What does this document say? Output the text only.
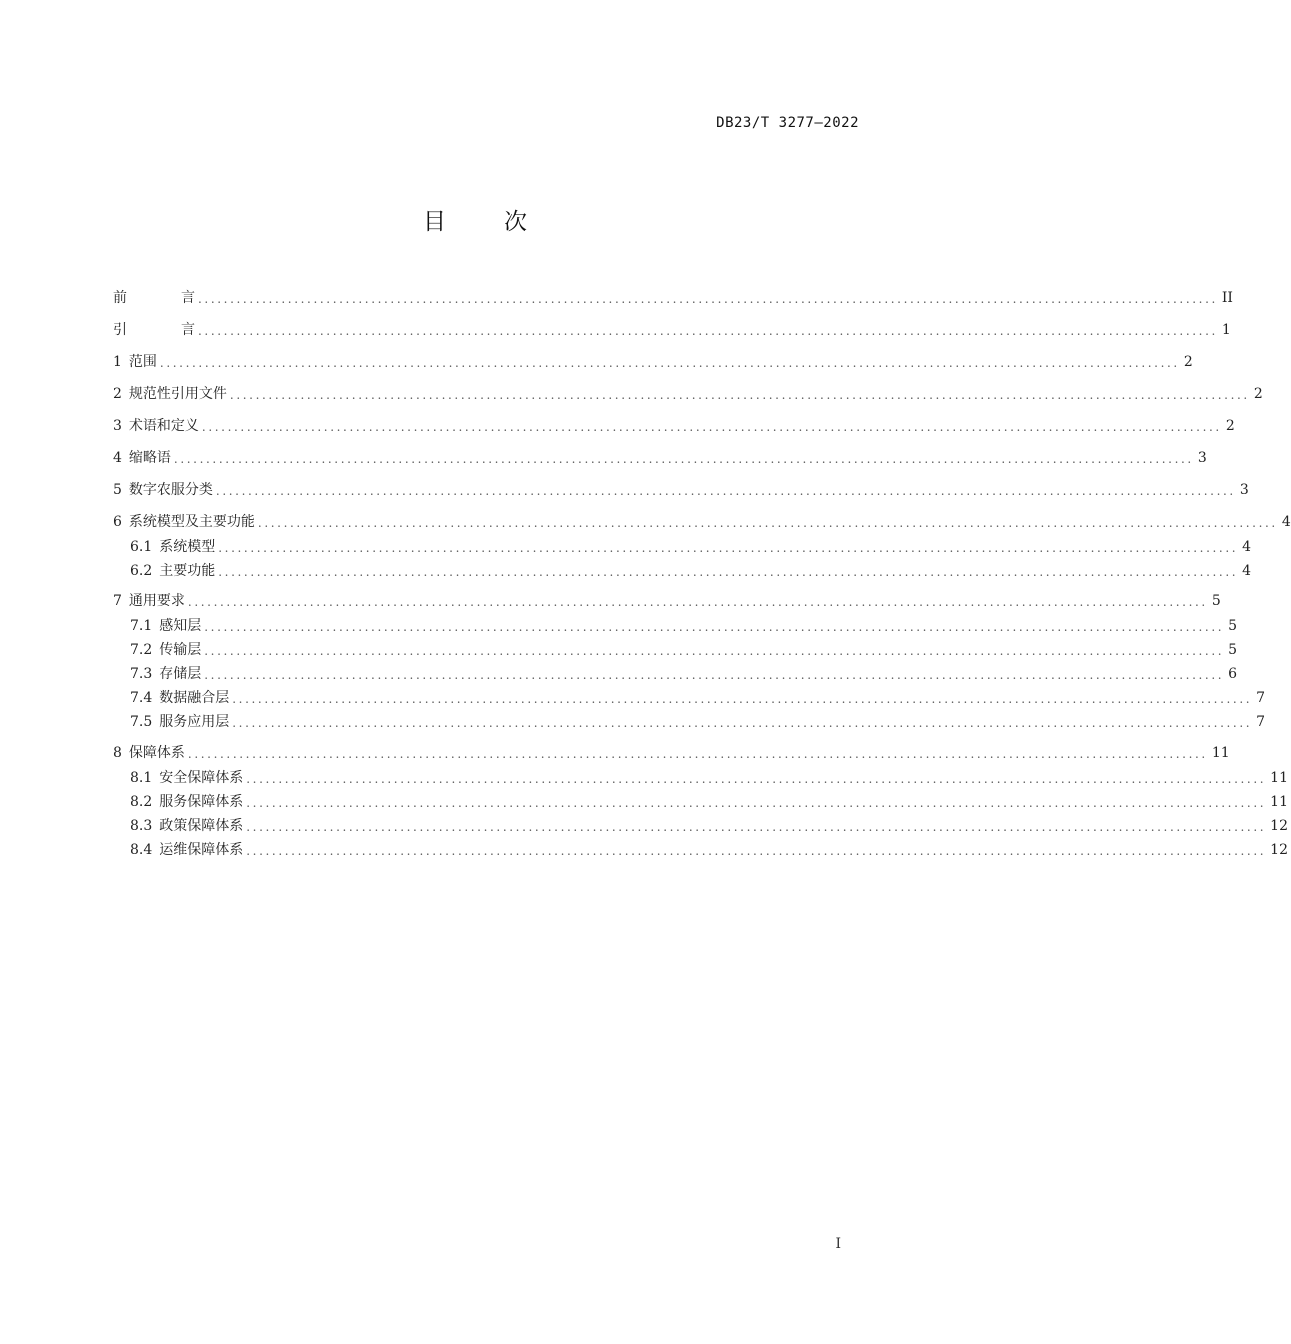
DB23/T 3277—2022
目次
前	言 ............................................................................................................................................................... II
引	言 ............................................................................................................................................................... 1
1 范围 ............................................................................................................................................................... 2
2 规范性引用文件 ............................................................................................................................................................... 2
3 术语和定义 ............................................................................................................................................................... 2
4 缩略语 ............................................................................................................................................................... 3
5 数字农服分类 ............................................................................................................................................................... 3
6 系统模型及主要功能 ............................................................................................................................................................... 4
6.1 系统模型 ............................................................................................................................................................... 4
6.2 主要功能 ............................................................................................................................................................... 4
7 通用要求 ............................................................................................................................................................... 5
7.1 感知层 ............................................................................................................................................................... 5
7.2 传输层 ............................................................................................................................................................... 5
7.3 存储层 ............................................................................................................................................................... 6
7.4 数据融合层 ............................................................................................................................................................... 7
7.5 服务应用层 ............................................................................................................................................................... 7
8 保障体系 ............................................................................................................................................................... 11
8.1 安全保障体系 ............................................................................................................................................................... 11
8.2 服务保障体系 ............................................................................................................................................................... 11
8.3 政策保障体系 ............................................................................................................................................................... 12
8.4 运维保障体系 ............................................................................................................................................................... 12
I
